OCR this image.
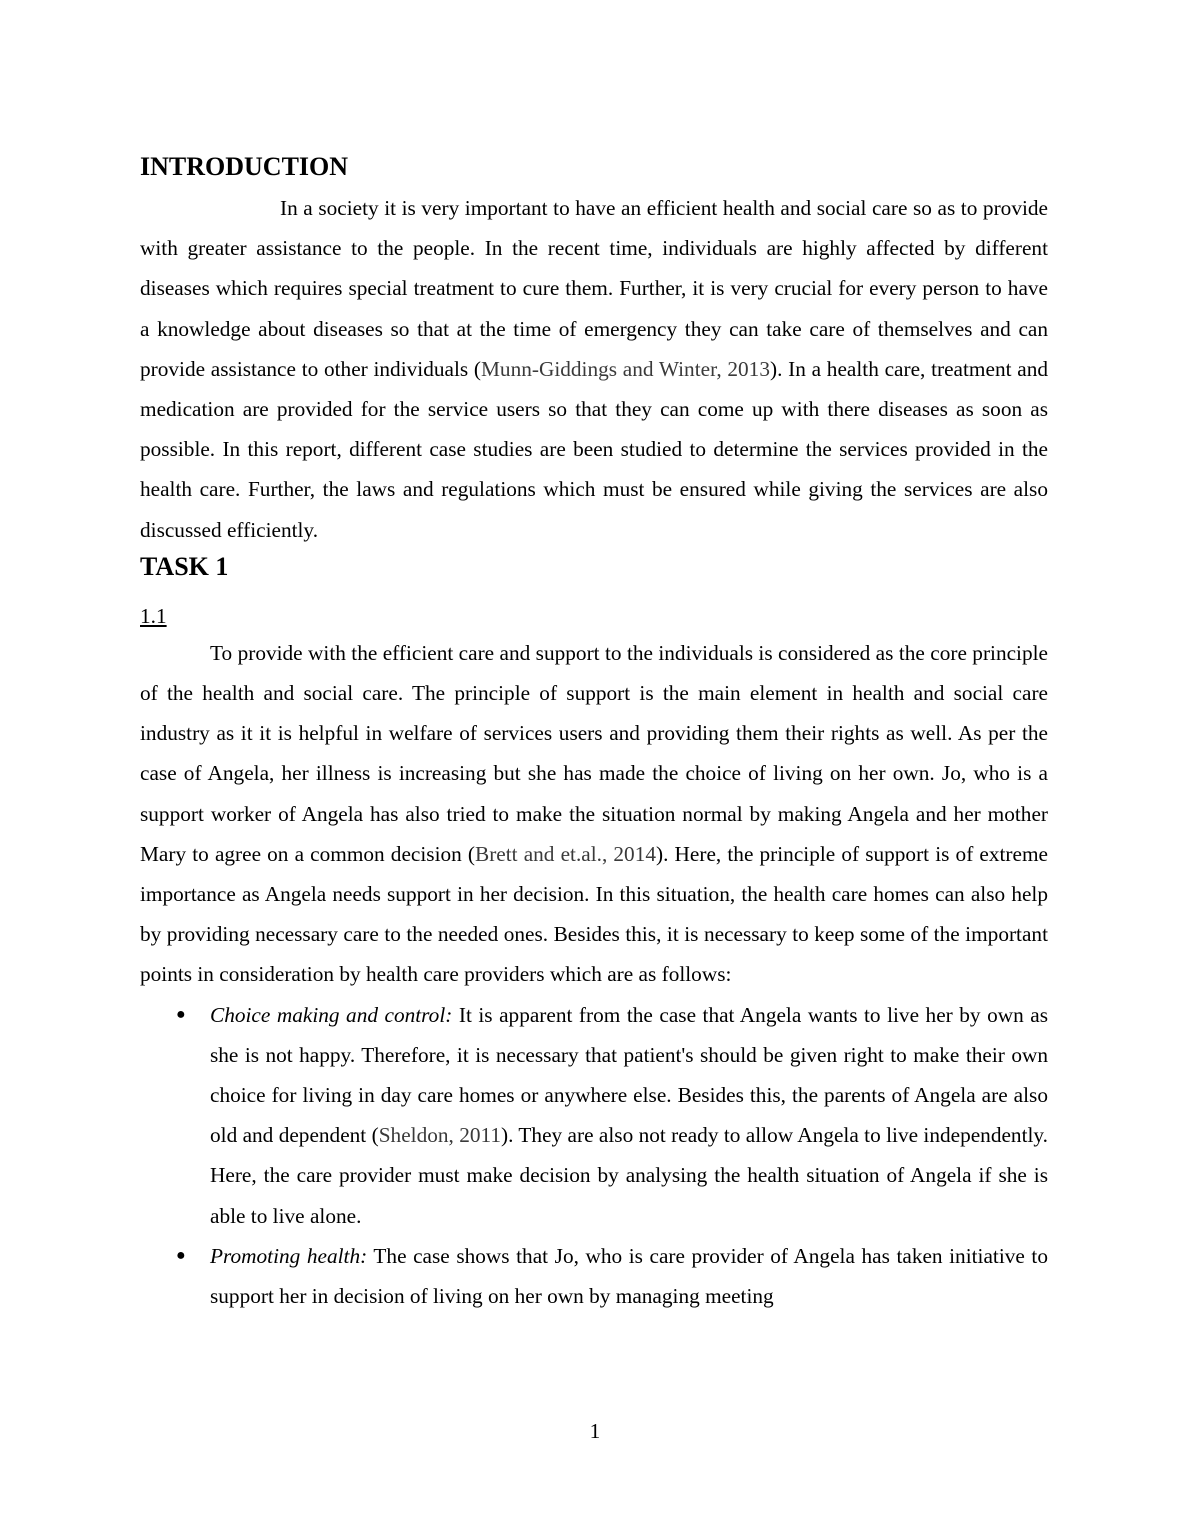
INTRODUCTION

In a society it is very important to have an efficient health and social care so as to provide with greater assistance to the people. In the recent time, individuals are highly affected by different diseases which requires special treatment to cure them. Further, it is very crucial for every person to have a knowledge about diseases so that at the time of emergency they can take care of themselves and can provide assistance to other individuals (Munn-Giddings and Winter, 2013). In a health care, treatment and medication are provided for the service users so that they can come up with there diseases as soon as possible. In this report, different case studies are been studied to determine the services provided in the health care. Further, the laws and regulations which must be ensured while giving the services are also discussed efficiently.

TASK 1
1.1

To provide with the efficient care and support to the individuals is considered as the core principle of the health and social care. The principle of support is the main element in health and social care industry as it it is helpful in welfare of services users and providing them their rights as well. As per the case of Angela, her illness is increasing but she has made the choice of living on her own. Jo, who is a support worker of Angela has also tried to make the situation normal by making Angela and her mother Mary to agree on a common decision (Brett and et.al., 2014). Here, the principle of support is of extreme importance as Angela needs support in her decision. In this situation, the health care homes can also help by providing necessary care to the needed ones. Besides this, it is necessary to keep some of the important points in consideration by health care providers which are as follows:

● Choice making and control: It is apparent from the case that Angela wants to live her by own as she is not happy. Therefore, it is necessary that patient's should be given right to make their own choice for living in day care homes or anywhere else. Besides this, the parents of Angela are also old and dependent (Sheldon, 2011). They are also not ready to allow Angela to live independently. Here, the care provider must make decision by analysing the health situation of Angela if she is able to live alone.
● Promoting health: The case shows that Jo, who is care provider of Angela has taken initiative to support her in decision of living on her own by managing meeting
1
